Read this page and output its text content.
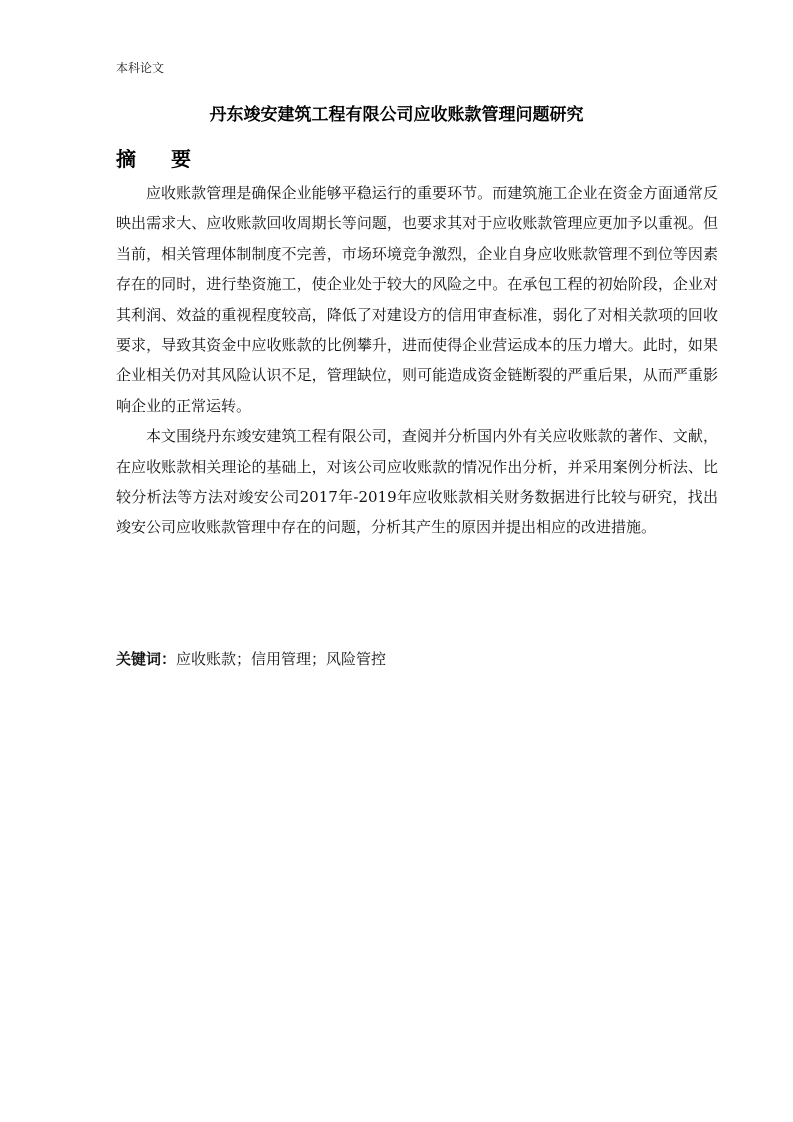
本科论文
丹东竣安建筑工程有限公司应收账款管理问题研究
摘 要

应收账款管理是确保企业能够平稳运行的重要环节。而建筑施工企业在资金方面通常反映出需求大、应收账款回收周期长等问题，也要求其对于应收账款管理应更加予以重视。但当前，相关管理体制制度不完善，市场环境竞争激烈，企业自身应收账款管理不到位等因素存在的同时，进行垫资施工，使企业处于较大的风险之中。在承包工程的初始阶段，企业对其利润、效益的重视程度较高，降低了对建设方的信用审查标准，弱化了对相关款项的回收要求，导致其资金中应收账款的比例攀升，进而使得企业营运成本的压力增大。此时，如果企业相关仍对其风险认识不足，管理缺位，则可能造成资金链断裂的严重后果，从而严重影响企业的正常运转。

本文围绕丹东竣安建筑工程有限公司，查阅并分析国内外有关应收账款的著作、文献，在应收账款相关理论的基础上，对该公司应收账款的情况作出分析，并采用案例分析法、比较分析法等方法对竣安公司2017年-2019年应收账款相关财务数据进行比较与研究，找出竣安公司应收账款管理中存在的问题，分析其产生的原因并提出相应的改进措施。

关键词：应收账款；信用管理；风险管控
